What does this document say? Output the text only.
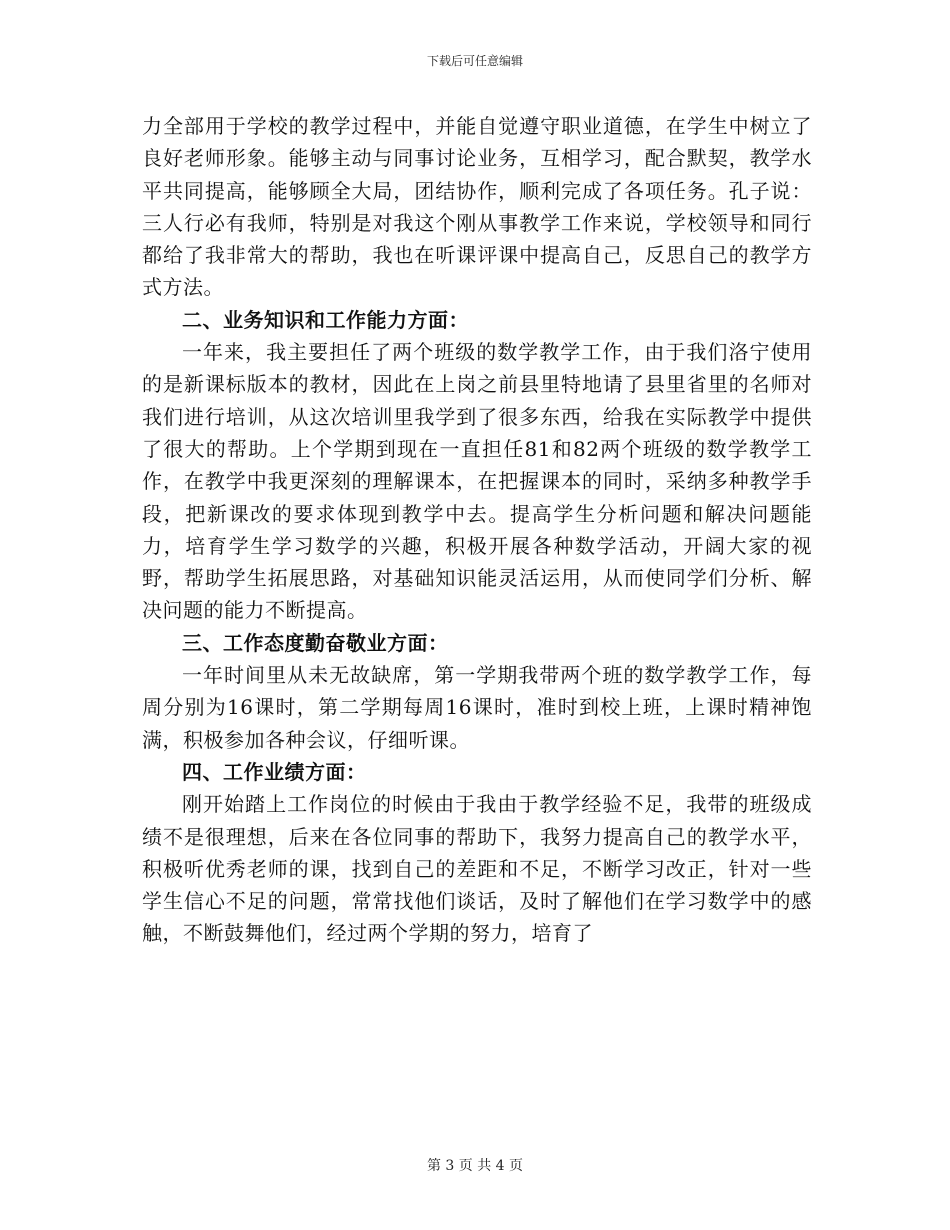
下载后可任意编辑

力全部用于学校的教学过程中，并能自觉遵守职业道德，在学生中树立了良好老师形象。能够主动与同事讨论业务，互相学习，配合默契，教学水平共同提高，能够顾全大局，团结协作，顺利完成了各项任务。孔子说：三人行必有我师，特别是对我这个刚从事教学工作来说，学校领导和同行都给了我非常大的帮助，我也在听课评课中提高自己，反思自己的教学方式方法。

二、业务知识和工作能力方面：

一年来，我主要担任了两个班级的数学教学工作，由于我们洛宁使用的是新课标版本的教材，因此在上岗之前县里特地请了县里省里的名师对我们进行培训，从这次培训里我学到了很多东西，给我在实际教学中提供了很大的帮助。上个学期到现在一直担任81和82两个班级的数学教学工作，在教学中我更深刻的理解课本，在把握课本的同时，采纳多种教学手段，把新课改的要求体现到教学中去。提高学生分析问题和解决问题能力，培育学生学习数学的兴趣，积极开展各种数学活动，开阔大家的视野，帮助学生拓展思路，对基础知识能灵活运用，从而使同学们分析、解决问题的能力不断提高。

三、工作态度勤奋敬业方面：

一年时间里从未无故缺席，第一学期我带两个班的数学教学工作，每周分别为16课时，第二学期每周16课时，准时到校上班，上课时精神饱满，积极参加各种会议，仔细听课。

四、工作业绩方面：

刚开始踏上工作岗位的时候由于我由于教学经验不足，我带的班级成绩不是很理想，后来在各位同事的帮助下，我努力提高自己的教学水平，积极听优秀老师的课，找到自己的差距和不足，不断学习改正，针对一些学生信心不足的问题，常常找他们谈话，及时了解他们在学习数学中的感触，不断鼓舞他们，经过两个学期的努力，培育了

第 3 页 共 4 页
